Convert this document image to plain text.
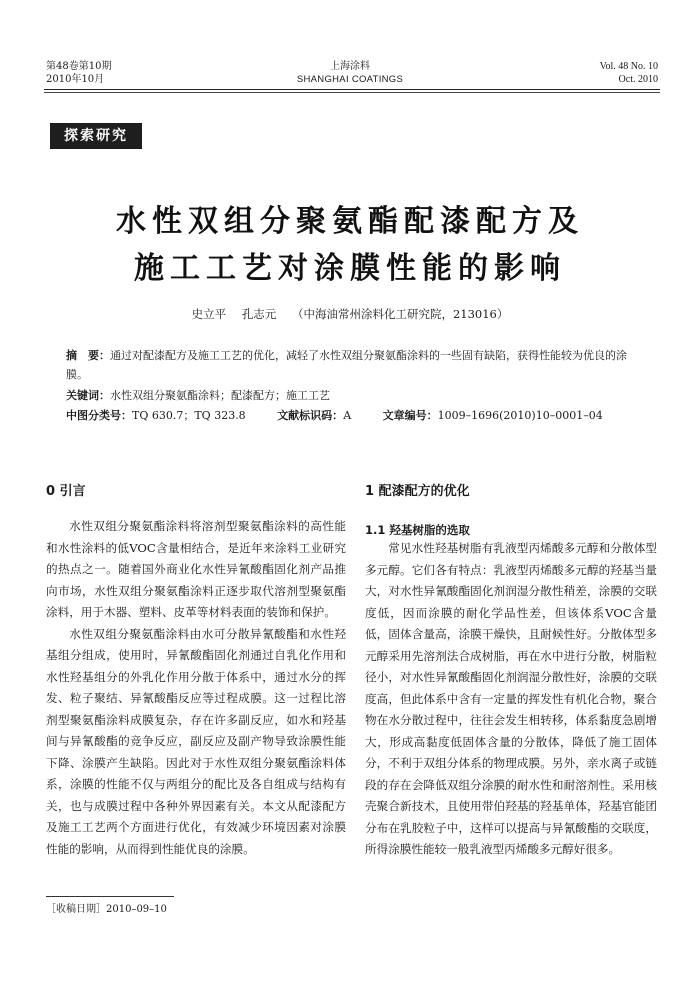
第48卷第10期
2010年10月
上海涂料
SHANGHAI COATINGS
Vol. 48 No. 10
Oct. 2010
探索研究
水性双组分聚氨酯配漆配方及
施工工艺对涂膜性能的影响
史立平 孔志元 （中海油常州涂料化工研究院，213016）
摘　要：通过对配漆配方及施工工艺的优化，减轻了水性双组分聚氨酯涂料的一些固有缺陷，获得性能较为优良的涂膜。
关键词：水性双组分聚氨酯涂料；配漆配方；施工工艺
中图分类号：TQ 630.7；TQ 323.8	文献标识码：A	文章编号：1009–1696(2010)10–0001–04
0 引言	1 配漆配方的优化
1.1 羟基树脂的选取

水性双组分聚氨酯涂料将溶剂型聚氨酯涂料的高性能和水性涂料的低VOC含量相结合，是近年来涂料工业研究的热点之一。随着国外商业化水性异氰酸酯固化剂产品推向市场，水性双组分聚氨酯涂料正逐步取代溶剂型聚氨酯涂料，用于木器、塑料、皮革等材料表面的装饰和保护。

水性双组分聚氨酯涂料由水可分散异氰酸酯和水性羟基组分组成，使用时，异氰酸酯固化剂通过自乳化作用和水性羟基组分的外乳化作用分散于体系中，通过水分的挥发、粒子聚结、异氰酸酯反应等过程成膜。这一过程比溶剂型聚氨酯涂料成膜复杂，存在许多副反应，如水和羟基间与异氰酸酯的竞争反应，副反应及副产物导致涂膜性能下降、涂膜产生缺陷。因此对于水性双组分聚氨酯涂料体系，涂膜的性能不仅与两组分的配比及各自组成与结构有关，也与成膜过程中各种外界因素有关。本文从配漆配方及施工工艺两个方面进行优化，有效减少环境因素对涂膜性能的影响，从而得到性能优良的涂膜。

常见水性羟基树脂有乳液型丙烯酸多元醇和分散体型多元醇。它们各有特点：乳液型丙烯酸多元醇的羟基当量大，对水性异氰酸酯固化剂润湿分散性稍差，涂膜的交联度低，因而涂膜的耐化学品性差，但该体系VOC含量低，固体含量高，涂膜干燥快，且耐候性好。分散体型多元醇采用先溶剂法合成树脂，再在水中进行分散，树脂粒径小，对水性异氰酸酯固化剂润湿分散性好，涂膜的交联度高，但此体系中含有一定量的挥发性有机化合物，聚合物在水分散过程中，往往会发生相转移，体系黏度急剧增大，形成高黏度低固体含量的分散体，降低了施工固体分，不利于双组分体系的物理成膜。另外，亲水离子或链段的存在会降低双组分涂膜的耐水性和耐溶剂性。采用核壳聚合新技术，且使用带伯羟基的羟基单体，羟基官能团分布在乳胶粒子中，这样可以提高与异氰酸酯的交联度，所得涂膜性能较一般乳液型丙烯酸多元醇好很多。

［收稿日期］2010–09–10
